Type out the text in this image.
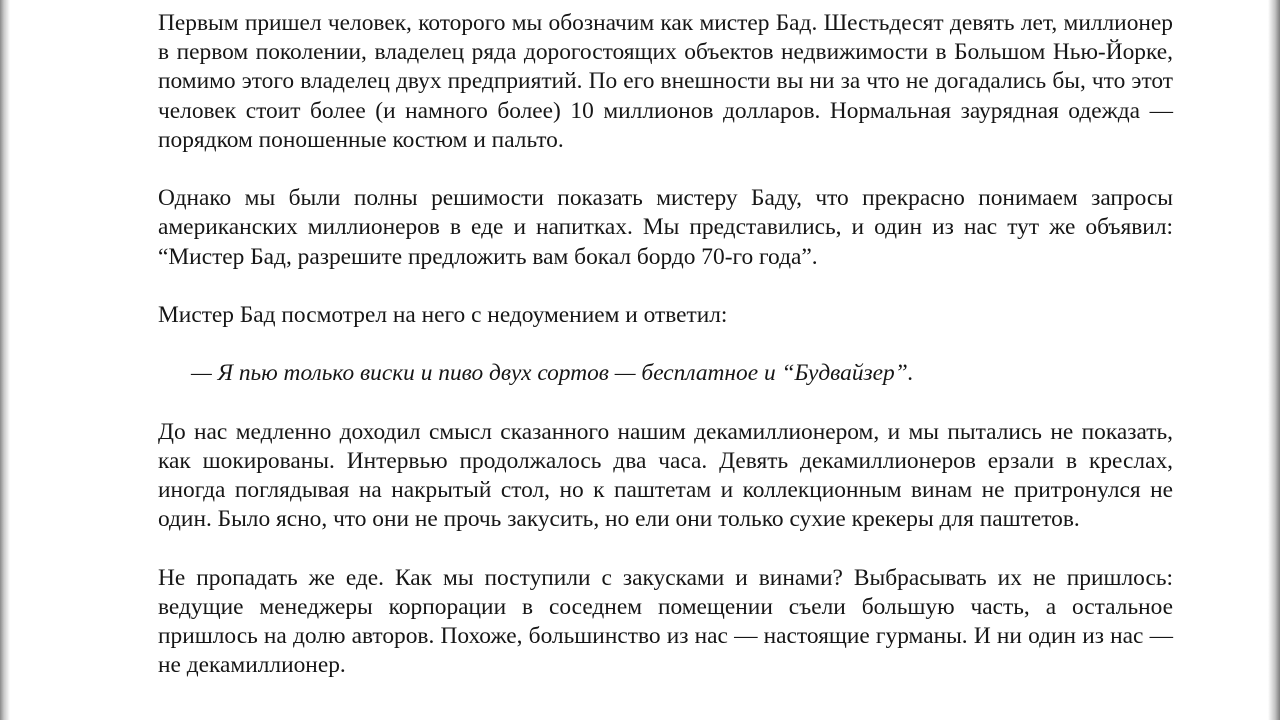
Первым пришел человек, которого мы обозначим как мистер Бад. Шестьдесят девять лет, миллионер в первом поколении, владелец ряда дорогостоящих объектов недвижимости в Большом Нью-Йорке, помимо этого владелец двух предприятий. По его внешности вы ни за что не догадались бы, что этот человек стоит более (и намного более) 10 миллионов долларов. Нормальная заурядная одежда — порядком поношенные костюм и пальто.

Однако мы были полны решимости показать мистеру Баду, что прекрасно понимаем запросы американских миллионеров в еде и напитках. Мы представились, и один из нас тут же объявил: “Мистер Бад, разрешите предложить вам бокал бордо 70-го года”.

Мистер Бад посмотрел на него с недоумением и ответил:

— Я пью только виски и пиво двух сортов — бесплатное и “Будвайзер”.

До нас медленно доходил смысл сказанного нашим декамиллионером, и мы пытались не показать, как шокированы. Интервью продолжалось два часа. Девять декамиллионеров ерзали в креслах, иногда поглядывая на накрытый стол, но к паштетам и коллекционным винам не притронулся не один. Было ясно, что они не прочь закусить, но ели они только сухие крекеры для паштетов.

Не пропадать же еде. Как мы поступили с закусками и винами? Выбрасывать их не пришлось: ведущие менеджеры корпорации в соседнем помещении съели большую часть, а остальное пришлось на долю авторов. Похоже, большинство из нас — настоящие гурманы. И ни один из нас — не декамиллионер.
